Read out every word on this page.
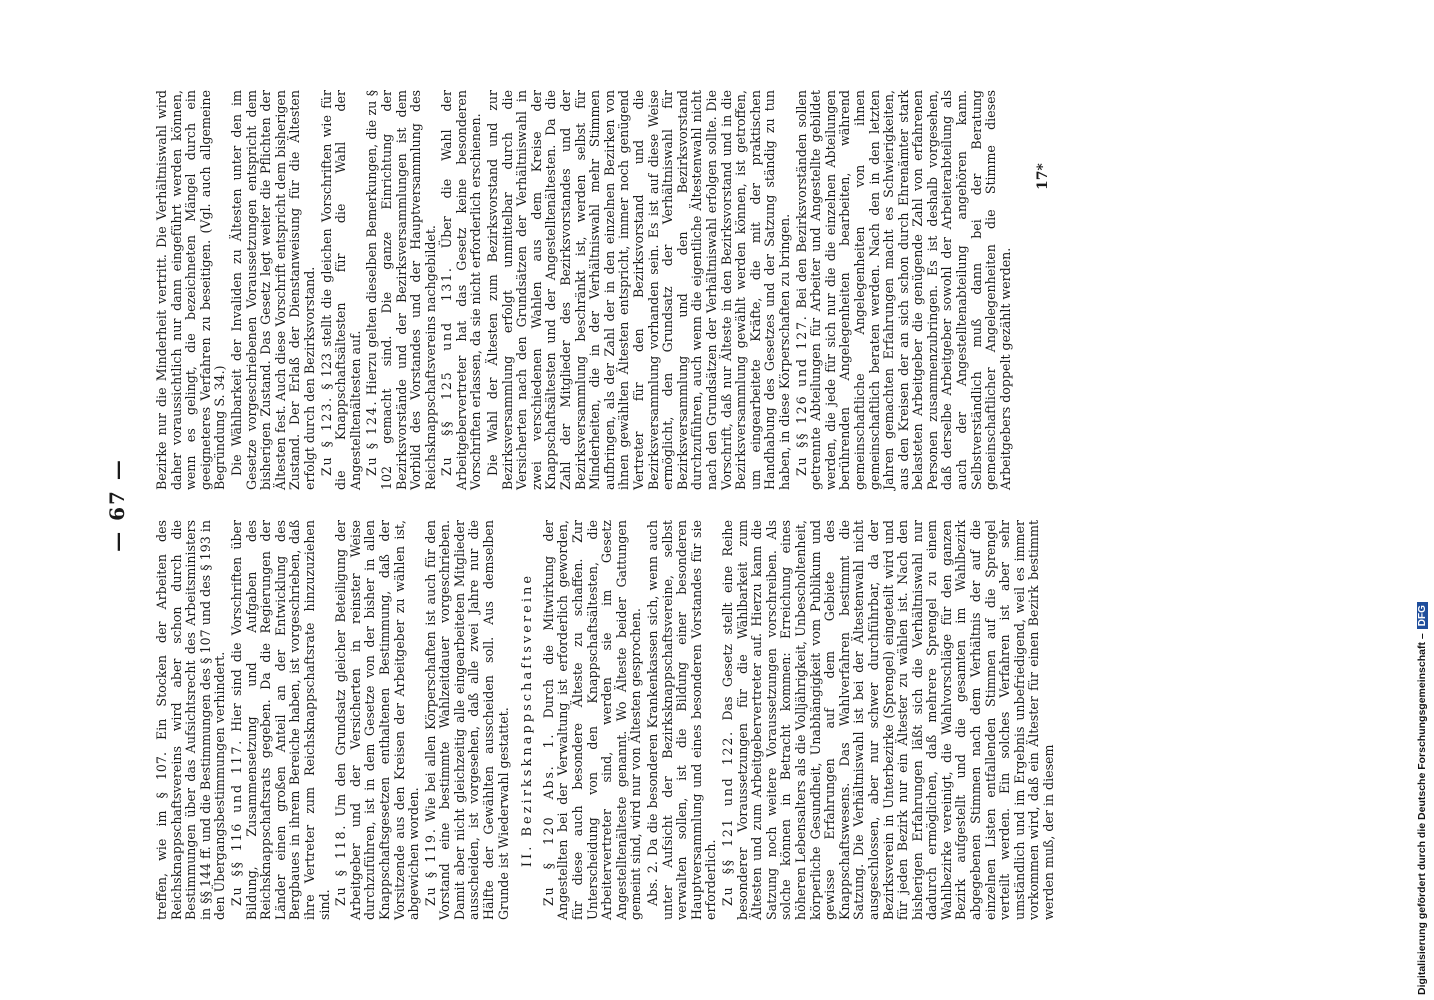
— 67 —

treffen, wie im § 107. Ein Stocken der Arbeiten des Reichsknappschaftsvereins wird aber schon durch die Bestimmungen über das Aufsichtsrecht des Arbeitsministers in §§ 144 ff. und die Bestimmungen des § 107 und des § 193 in den Übergangsbestimmungen verhindert. Zu §§ 116 und 117. Hier sind die Vorschriften über Bildung, Zusammensetzung und Aufgaben des Reichsknappschaftsrats gegeben. Da die Regierungen der Länder einen großen Anteil an der Entwicklung des Bergbaues in ihrem Bereiche haben, ist vorgeschrieben, daß ihre Vertreter zum Reichsknappschaftsrate hinzuzuziehen sind. Zu § 118. Um den Grundsatz gleicher Beteiligung der Arbeitgeber und der Versicherten in reinster Weise durchzuführen, ist in dem Gesetze von der bisher in allen Knappschaftsgesetzen enthaltenen Bestimmung, daß der Vorsitzende aus den Kreisen der Arbeitgeber zu wählen ist, abgewichen worden. Zu § 119. Wie bei allen Körperschaften ist auch für den Vorstand eine bestimmte Wahlzeitdauer vorgeschrieben. Damit aber nicht gleichzeitig alle eingearbeiteten Mitglieder ausscheiden, ist vorgesehen, daß alle zwei Jahre nur die Hälfte der Gewählten ausscheiden soll. Aus demselben Grunde ist Wiederwahl gestattet. II. Bezirksknappschaftsvereine Zu § 120 Abs. 1. Durch die Mitwirkung der Angestellten bei der Verwaltung ist erforderlich geworden, für diese auch besondere Älteste zu schaffen. Zur Unterscheidung von den Knappschaftsältesten, die Arbeitervertreter sind, werden sie im Gesetz Angestelltenälteste genannt. Wo Älteste beider Gattungen gemeint sind, wird nur von Ältesten gesprochen. Abs. 2. Da die besonderen Krankenkassen sich, wenn auch unter Aufsicht der Bezirksknappschaftsvereine, selbst verwalten sollen, ist die Bildung einer besonderen Hauptversammlung und eines besonderen Vorstandes für sie erforderlich. Zu §§ 121 und 122. Das Gesetz stellt eine Reihe besonderer Voraussetzungen für die Wählbarkeit zum Ältesten und zum Arbeitgebervertreter auf. Hierzu kann die Satzung noch weitere Voraussetzungen vorschreiben. Als solche können in Betracht kommen: Erreichung eines höheren Lebensalters als die Volljährigkeit, Unbescholtenheit, körperliche Gesundheit, Unabhängigkeit vom Publikum und gewisse Erfahrungen auf dem Gebiete des Knappschaftswesens. Das Wahlverfahren bestimmt die Satzung. Die Verhältniswahl ist bei der Ältestenwahl nicht ausgeschlossen, aber nur schwer durchführbar, da der Bezirksverein in Unterbezirke (Sprengel) eingeteilt wird und für jeden Bezirk nur ein Ältester zu wählen ist. Nach den bisherigen Erfahrungen läßt sich die Verhältniswahl nur dadurch ermöglichen, daß mehrere Sprengel zu einem Wahlbezirke vereinigt, die Wahlvorschläge für den ganzen Bezirk aufgestellt und die gesamten im Wahlbezirk abgegebenen Stimmen nach dem Verhältnis der auf die einzelnen Listen entfallenden Stimmen auf die Sprengel verteilt werden. Ein solches Verfahren ist aber sehr umständlich und im Ergebnis unbefriedigend, weil es immer vorkommen wird, daß ein Ältester für einen Bezirk bestimmt werden muß, der in diesem

Bezirke nur die Minderheit vertritt. Die Verhältniswahl wird daher voraussichtlich nur dann eingeführt werden können, wenn es gelingt, die bezeichneten Mängel durch ein geeigneteres Verfahren zu beseitigen. (Vgl. auch allgemeine Begründung S. 34.) Die Wählbarkeit der Invaliden zu Ältesten unter den im Gesetze vorgeschriebenen Voraussetzungen entspricht dem bisherigen Zustand. Das Gesetz legt weiter die Pflichten der Ältesten fest. Auch diese Vorschrift entspricht dem bisherigen Zustand. Der Erlaß der Dienstanweisung für die Ältesten erfolgt durch den Bezirksvorstand. Zu § 123. § 123 stellt die gleichen Vorschriften wie für die Knappschaftsältesten für die Wahl der Angestelltenältesten auf. Zu § 124. Hierzu gelten dieselben Bemerkungen, die zu § 102 gemacht sind. Die ganze Einrichtung der Bezirksvorstände und der Bezirksversammlungen ist dem Vorbild des Vorstandes und der Hauptversammlung des Reichsknappschaftsvereins nachgebildet. Zu §§ 125 und 131. Über die Wahl der Arbeitgebervertreter hat das Gesetz keine besonderen Vorschriften erlassen, da sie nicht erforderlich erschienen. Die Wahl der Ältesten zum Bezirksvorstand und zur Bezirksversammlung erfolgt unmittelbar durch die Versicherten nach den Grundsätzen der Verhältniswahl in zwei verschiedenen Wahlen aus dem Kreise der Knappschaftsältesten und der Angestelltenältesten. Da die Zahl der Mitglieder des Bezirksvorstandes und der Bezirksversammlung beschränkt ist, werden selbst für Minderheiten, die in der Verhältniswahl mehr Stimmen aufbringen, als der Zahl der in den einzelnen Bezirken von ihnen gewählten Ältesten entspricht, immer noch genügend Vertreter für den Bezirksvorstand und die Bezirksversammlung vorhanden sein. Es ist auf diese Weise ermöglicht, den Grundsatz der Verhältniswahl für Bezirksversammlung und den Bezirksvorstand durchzuführen, auch wenn die eigentliche Ältestenwahl nicht nach den Grundsätzen der Verhältniswahl erfolgen sollte. Die Vorschrift, daß nur Älteste in den Bezirksvorstand und in die Bezirksversammlung gewählt werden können, ist getroffen, um eingearbeitete Kräfte, die mit der praktischen Handhabung des Gesetzes und der Satzung ständig zu tun haben, in diese Körperschaften zu bringen. Zu §§ 126 und 127. Bei den Bezirksvorständen sollen getrennte Abteilungen für Arbeiter und Angestellte gebildet werden, die jede für sich nur die die einzelnen Abteilungen berührenden Angelegenheiten bearbeiten, während gemeinschaftliche Angelegenheiten von ihnen gemeinschaftlich beraten werden. Nach den in den letzten Jahren gemachten Erfahrungen macht es Schwierigkeiten, aus den Kreisen der an sich schon durch Ehrenämter stark belasteten Arbeitgeber die genügende Zahl von erfahrenen Personen zusammenzubringen. Es ist deshalb vorgesehen, daß derselbe Arbeitgeber sowohl der Arbeiterabteilung als auch der Angestelltenabteilung angehören kann. Selbstverständlich muß dann bei der Beratung gemeinschaftlicher Angelegenheiten die Stimme dieses Arbeitgebers doppelt gezählt werden.

17*
Digitalisierung gefördert durch die Deutsche Forschungsgemeinschaft –DFG
